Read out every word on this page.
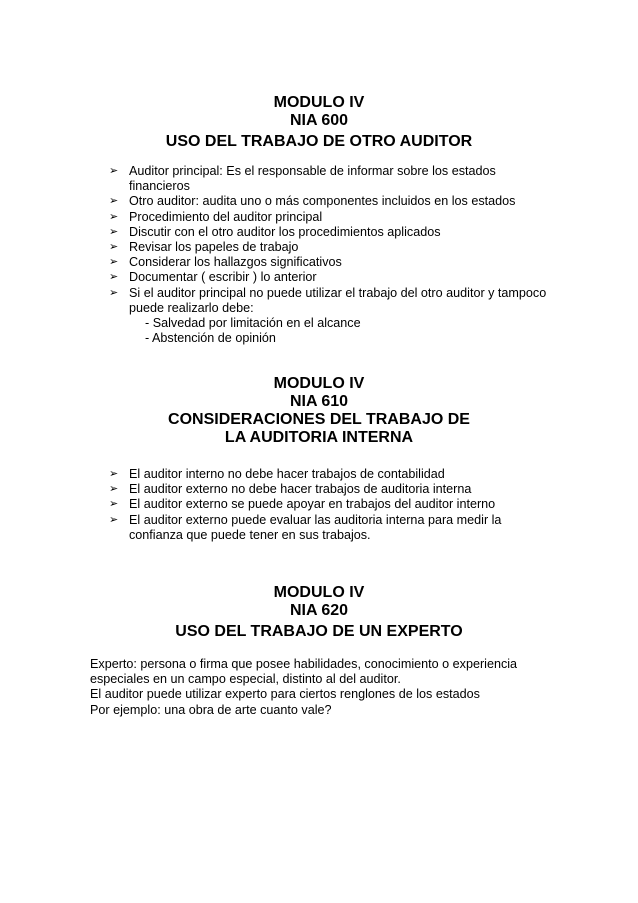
MODULO IV
NIA 600
USO DEL TRABAJO DE OTRO AUDITOR
➢ Auditor principal: Es el responsable de informar sobre los estados financieros
➢ Otro auditor: audita uno o más componentes incluidos en los estados
➢ Procedimiento del auditor principal
➢ Discutir con el otro auditor los procedimientos aplicados
➢ Revisar los papeles de trabajo
➢ Considerar los hallazgos significativos
➢ Documentar ( escribir ) lo anterior
➢ Si el auditor principal no puede utilizar el trabajo del otro auditor y tampoco puede realizarlo debe:
- Salvedad por limitación en el alcance
- Abstención de opinión
MODULO IV
NIA 610
CONSIDERACIONES DEL TRABAJO DE
LA AUDITORIA INTERNA
➢ El auditor interno no debe hacer trabajos de contabilidad
➢ El auditor externo no debe hacer trabajos de auditoria interna
➢ El auditor externo se puede apoyar en trabajos del auditor interno
➢ El auditor externo puede evaluar las auditoria interna para medir la confianza que puede tener en sus trabajos.
MODULO IV
NIA 620
USO DEL TRABAJO DE UN EXPERTO
Experto: persona o firma que posee habilidades, conocimiento o experiencia
especiales en un campo especial, distinto al del auditor.
El auditor puede utilizar experto para ciertos renglones de los estados
Por ejemplo: una obra de arte cuanto vale?
